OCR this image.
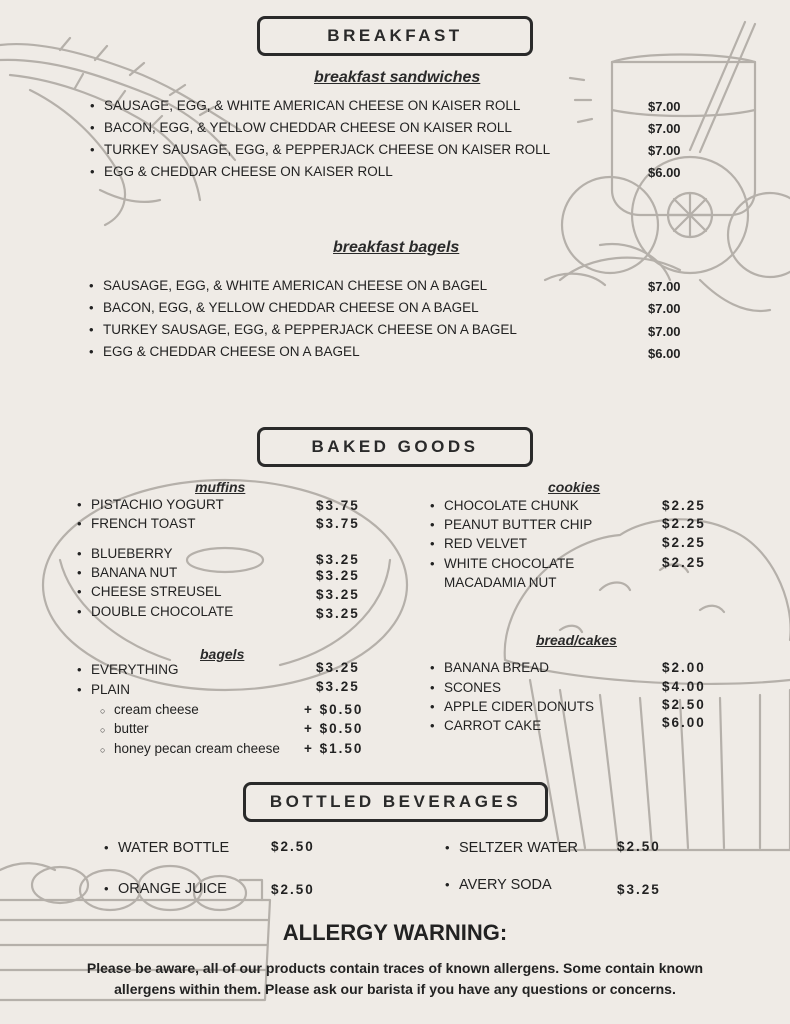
BREAKFAST
breakfast sandwiches
• SAUSAGE, EGG, & WHITE AMERICAN CHEESE ON KAISER ROLL	$7.00
• BACON, EGG, & YELLOW CHEDDAR CHEESE ON KAISER ROLL	$7.00
• TURKEY SAUSAGE, EGG, & PEPPERJACK CHEESE ON KAISER ROLL	$7.00
• EGG & CHEDDAR CHEESE ON KAISER ROLL	$6.00
breakfast bagels
• SAUSAGE, EGG, & WHITE AMERICAN CHEESE ON A BAGEL	$7.00
• BACON, EGG, & YELLOW CHEDDAR CHEESE ON A BAGEL	$7.00
• TURKEY SAUSAGE, EGG, & PEPPERJACK CHEESE ON A BAGEL	$7.00
• EGG & CHEDDAR CHEESE ON A BAGEL	$6.00
BAKED GOODS
muffins
• PISTACHIO YOGURT	$3.75
• FRENCH TOAST	$3.75
• BLUEBERRY	$3.25
• BANANA NUT	$3.25
• CHEESE STREUSEL	$3.25
• DOUBLE CHOCOLATE	$3.25
bagels
• EVERYTHING	$3.25
• PLAIN	$3.25
○ cream cheese	+ $0.50
○ butter	+ $0.50
○ honey pecan cream cheese + $1.50
cookies
• CHOCOLATE CHUNK	$2.25
• PEANUT BUTTER CHIP	$2.25
• RED VELVET	$2.25
• WHITE CHOCOLATE
MACADAMIA NUT
$2.25
bread/cakes
• BANANA BREAD	$2.00
• SCONES	$4.00
• APPLE CIDER DONUTS	$2.50
• CARROT CAKE	$6.00
BOTTLED BEVERAGES
• WATER BOTTLE	$2.50
• ORANGE JUICE	$2.50
• SELTZER WATER	$2.50
• AVERY SODA	$3.25
ALLERGY WARNING:
Please be aware, all of our products contain traces of known allergens. Some contain known allergens within them. Please ask our barista if you have any questions or concerns.
